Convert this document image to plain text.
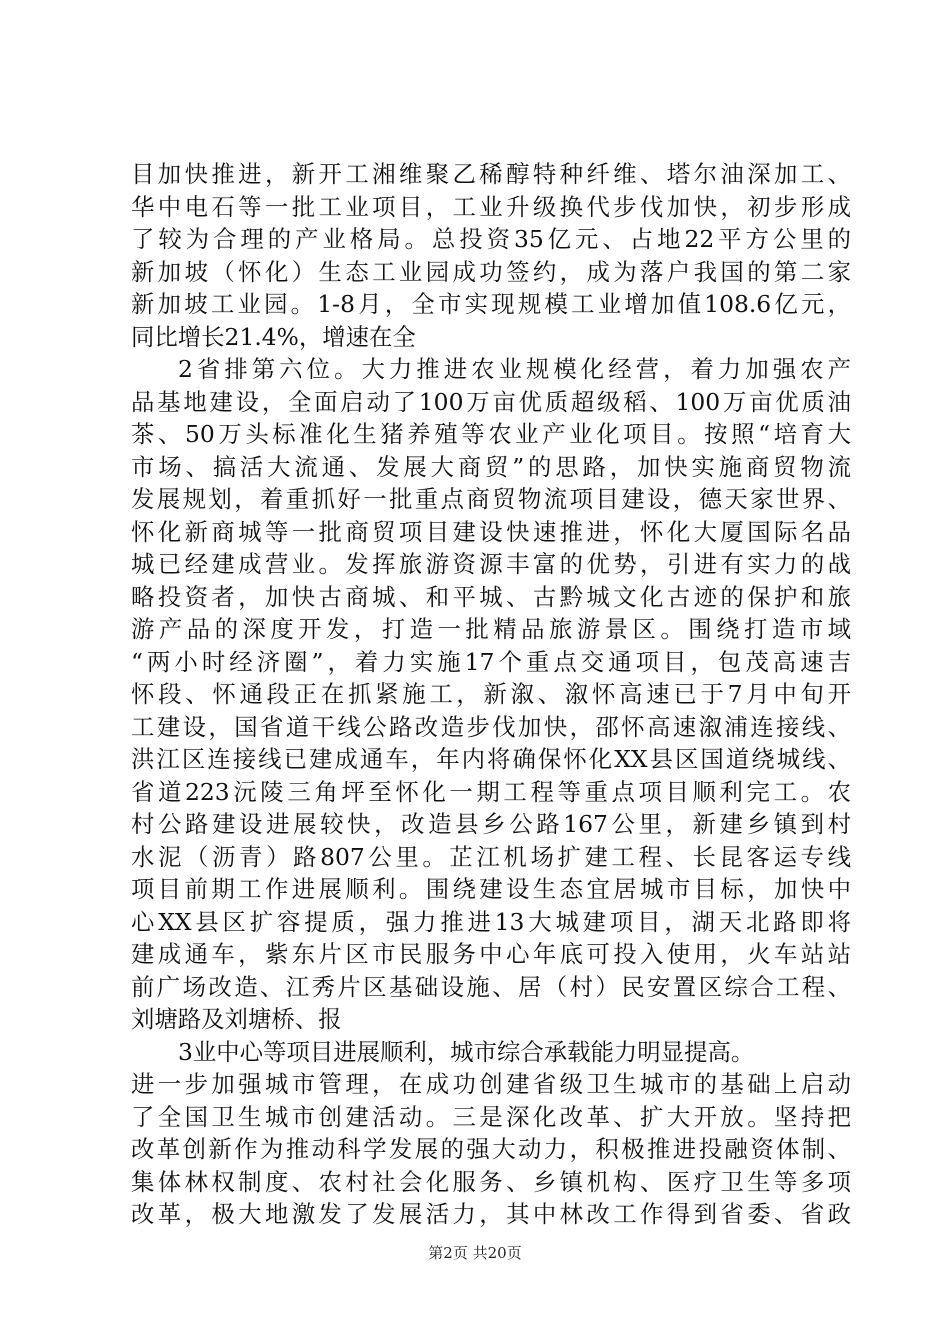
目加快推进，新开工湘维聚乙稀醇特种纤维、塔尔油深加工、
华中电石等一批工业项目，工业升级换代步伐加快，初步形成
了较为合理的产业格局。总投资35亿元、占地22平方公里的
新加坡（怀化）生态工业园成功签约，成为落户我国的第二家
新加坡工业园。1-8月，全市实现规模工业增加值108.6亿元，
同比增长21.4%，增速在全
2省排第六位。大力推进农业规模化经营，着力加强农产
品基地建设，全面启动了100万亩优质超级稻、100万亩优质油
茶、50万头标准化生猪养殖等农业产业化项目。按照“培育大
市场、搞活大流通、发展大商贸”的思路，加快实施商贸物流
发展规划，着重抓好一批重点商贸物流项目建设，德天家世界、
怀化新商城等一批商贸项目建设快速推进，怀化大厦国际名品
城已经建成营业。发挥旅游资源丰富的优势，引进有实力的战
略投资者，加快古商城、和平城、古黔城文化古迹的保护和旅
游产品的深度开发，打造一批精品旅游景区。围绕打造市域
“两小时经济圈”，着力实施17个重点交通项目，包茂高速吉
怀段、怀通段正在抓紧施工，新溆、溆怀高速已于7月中旬开
工建设，国省道干线公路改造步伐加快，邵怀高速溆浦连接线、
洪江区连接线已建成通车，年内将确保怀化XX县区国道绕城线、
省道223沅陵三角坪至怀化一期工程等重点项目顺利完工。农
村公路建设进展较快，改造县乡公路167公里，新建乡镇到村
水泥（沥青）路807公里。芷江机场扩建工程、长昆客运专线
项目前期工作进展顺利。围绕建设生态宜居城市目标，加快中
心XX县区扩容提质，强力推进13大城建项目，湖天北路即将
建成通车，紫东片区市民服务中心年底可投入使用，火车站站
前广场改造、江秀片区基础设施、居（村）民安置区综合工程、
刘塘路及刘塘桥、报
3业中心等项目进展顺利，城市综合承载能力明显提高。
进一步加强城市管理，在成功创建省级卫生城市的基础上启动
了全国卫生城市创建活动。三是深化改革、扩大开放。坚持把
改革创新作为推动科学发展的强大动力，积极推进投融资体制、
集体林权制度、农村社会化服务、乡镇机构、医疗卫生等多项
改革，极大地激发了发展活力，其中林改工作得到省委、省政
第2页 共20页
